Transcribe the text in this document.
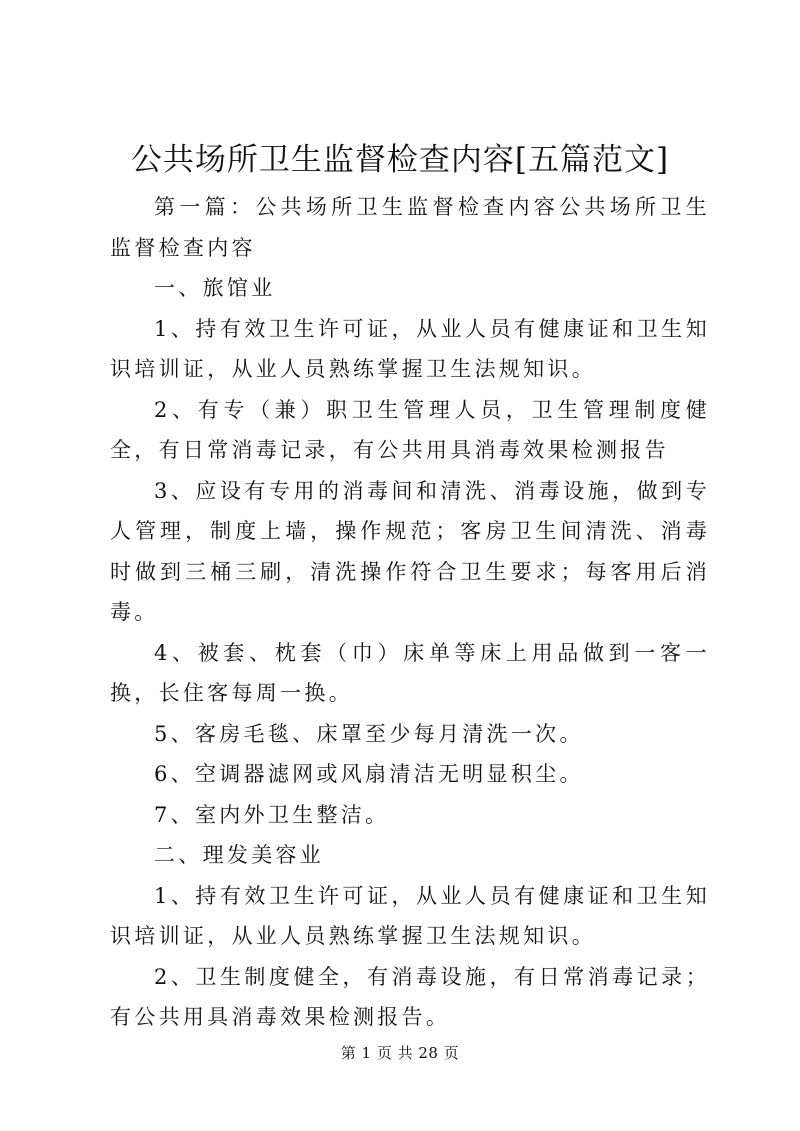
公共场所卫生监督检查内容[五篇范文]

第一篇：公共场所卫生监督检查内容公共场所卫生监督检查内容

一、旅馆业

1、持有效卫生许可证，从业人员有健康证和卫生知识培训证，从业人员熟练掌握卫生法规知识。

2、有专（兼）职卫生管理人员，卫生管理制度健全，有日常消毒记录，有公共用具消毒效果检测报告

3、应设有专用的消毒间和清洗、消毒设施，做到专人管理，制度上墙，操作规范；客房卫生间清洗、消毒时做到三桶三刷，清洗操作符合卫生要求；每客用后消毒。

4、被套、枕套（巾）床单等床上用品做到一客一换，长住客每周一换。

5、客房毛毯、床罩至少每月清洗一次。

6、空调器滤网或风扇清洁无明显积尘。

7、室内外卫生整洁。

二、理发美容业

1、持有效卫生许可证，从业人员有健康证和卫生知识培训证，从业人员熟练掌握卫生法规知识。

2、卫生制度健全，有消毒设施，有日常消毒记录；有公共用具消毒效果检测报告。

第 1 页 共 28 页
